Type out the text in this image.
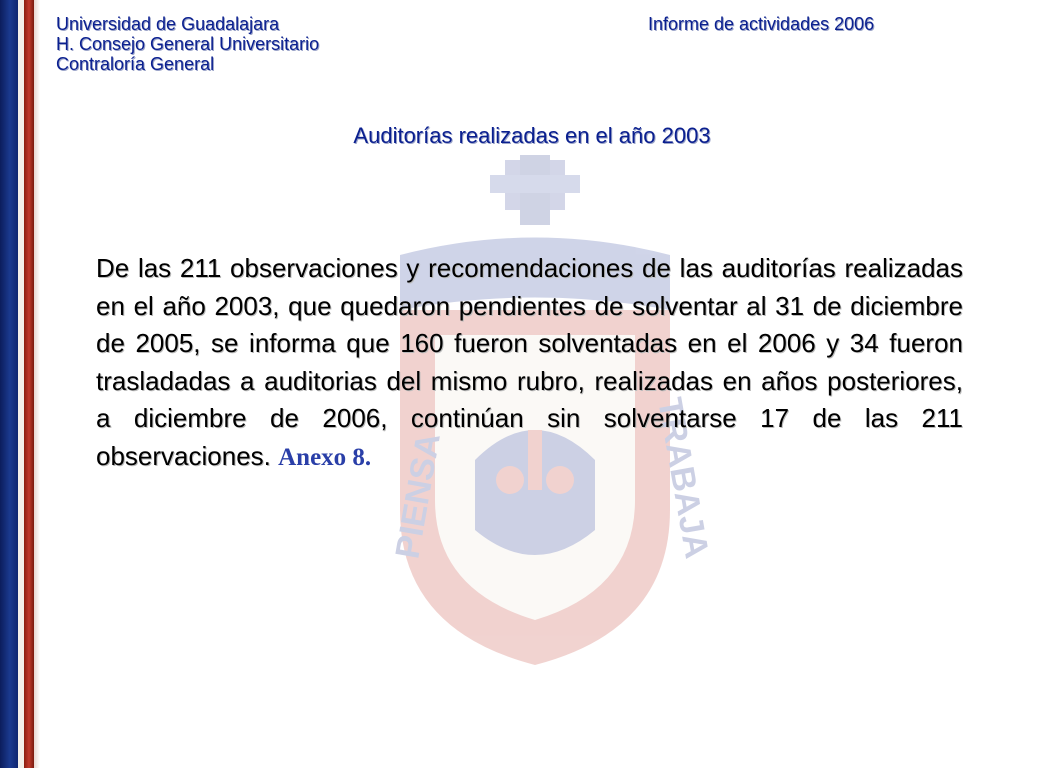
PIENSA	TRABAJA
Universidad de Guadalajara
H. Consejo General Universitario
Contraloría General
Informe de actividades 2006
Auditorías realizadas en el año 2003
De las 211 observaciones y recomendaciones de las auditorías realizadas en el año 2003, que quedaron pendientes de solventar al 31 de diciembre de 2005, se informa que 160 fueron solventadas en el 2006 y 34 fueron trasladadas a auditorias del mismo rubro, realizadas en años posteriores, a diciembre de 2006, continúan sin solventarse 17 de las 211 observaciones. Anexo 8.
